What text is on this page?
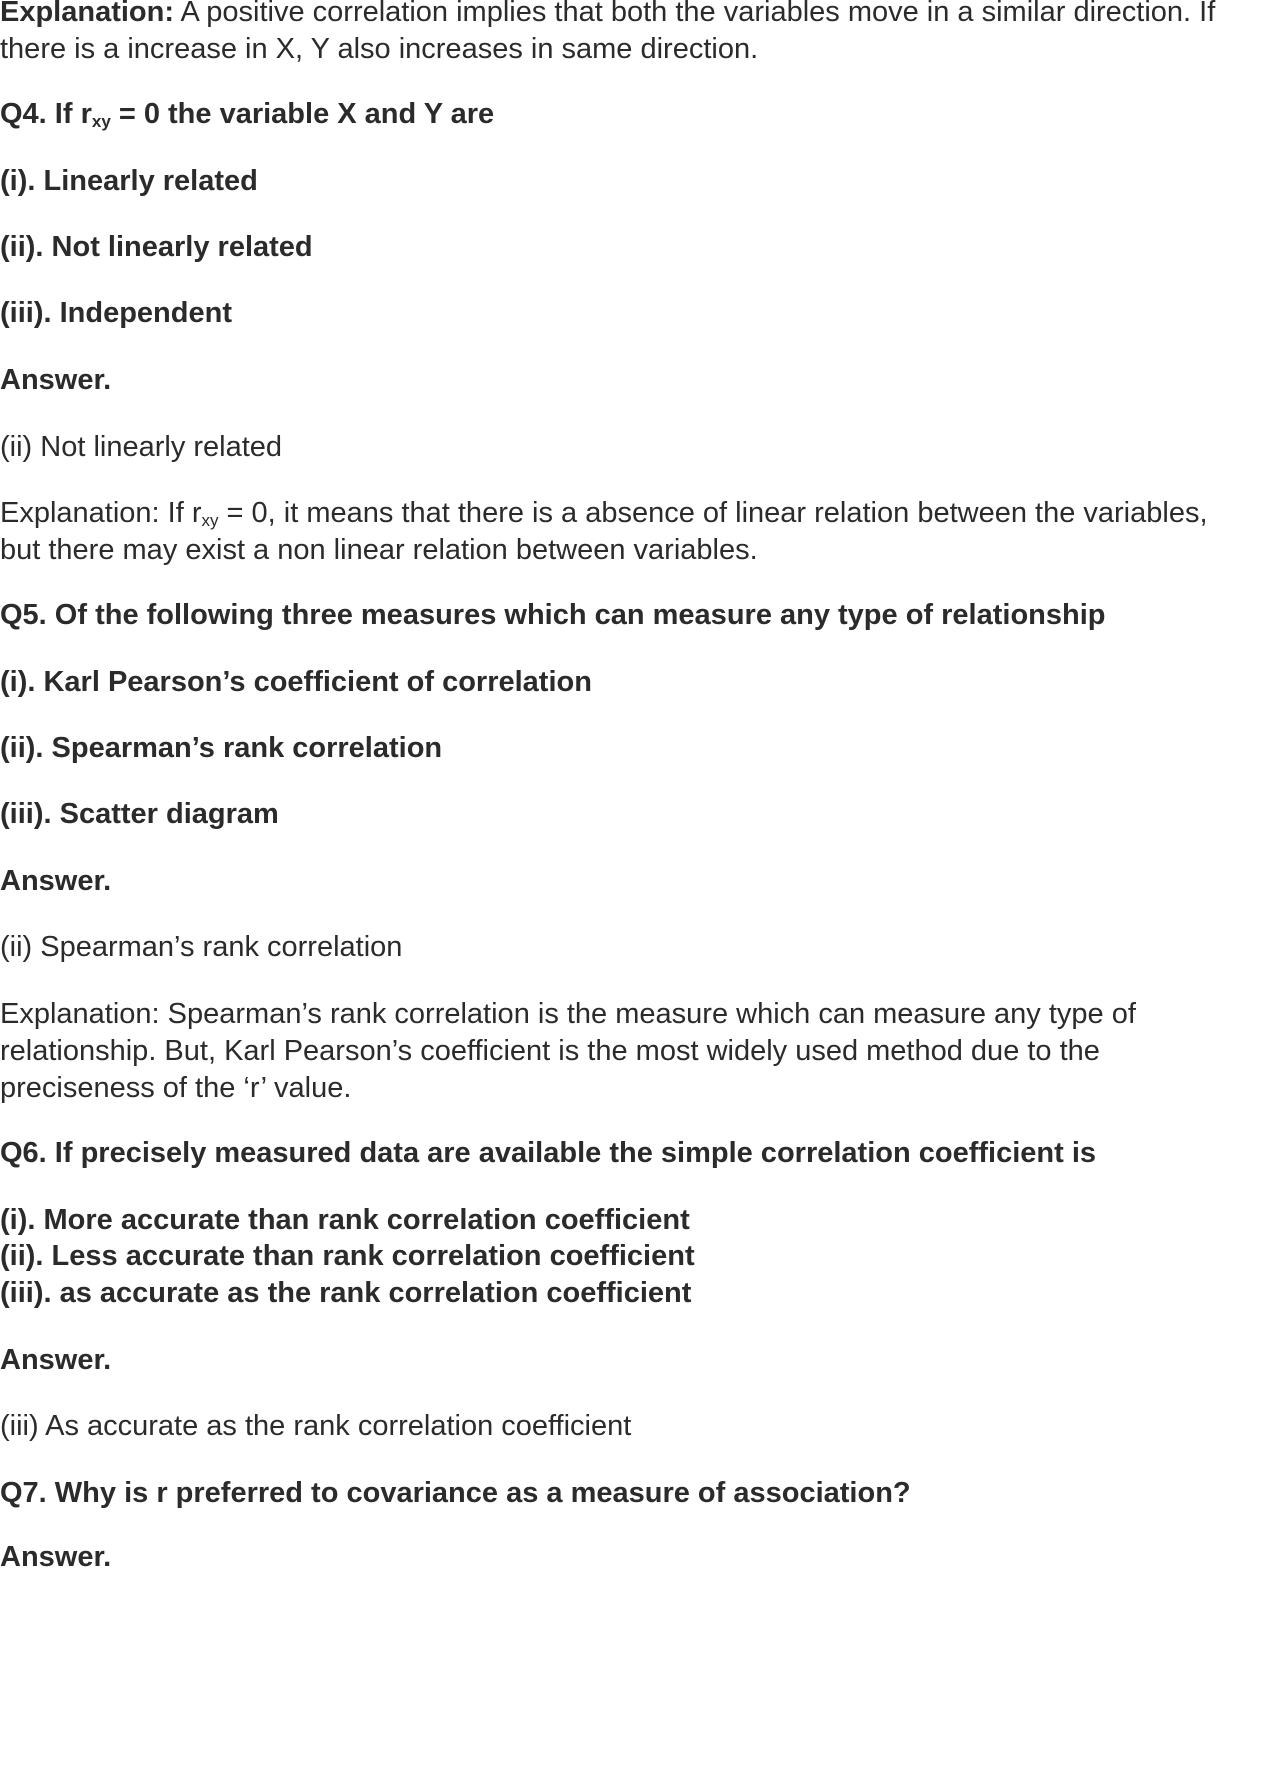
Explanation: A positive correlation implies that both the variables move in a similar direction. If

there is a increase in X, Y also increases in same direction.

Q4. If $r_{xy} = 0$ the variable X and Y are

(i). Linearly related

(ii). Not linearly related

(iii). Independent

Answer.

(ii) Not linearly related

Explanation: If $r_{xy} = 0$, it means that there is a absence of linear relation between the variables,

but there may exist a non linear relation between variables.

Q5. Of the following three measures which can measure any type of relationship

(i). Karl Pearson’s coefficient of correlation

(ii). Spearman’s rank correlation

(iii). Scatter diagram

Answer.

(ii) Spearman’s rank correlation

Explanation: Spearman’s rank correlation is the measure which can measure any type of

relationship. But, Karl Pearson’s coefficient is the most widely used method due to the

preciseness of the ‘r’ value.

Q6. If precisely measured data are available the simple correlation coefficient is

(i). More accurate than rank correlation coefficient

(ii). Less accurate than rank correlation coefficient

(iii). as accurate as the rank correlation coefficient

Answer.

(iii) As accurate as the rank correlation coefficient

Q7. Why is r preferred to covariance as a measure of association?

Answer.
